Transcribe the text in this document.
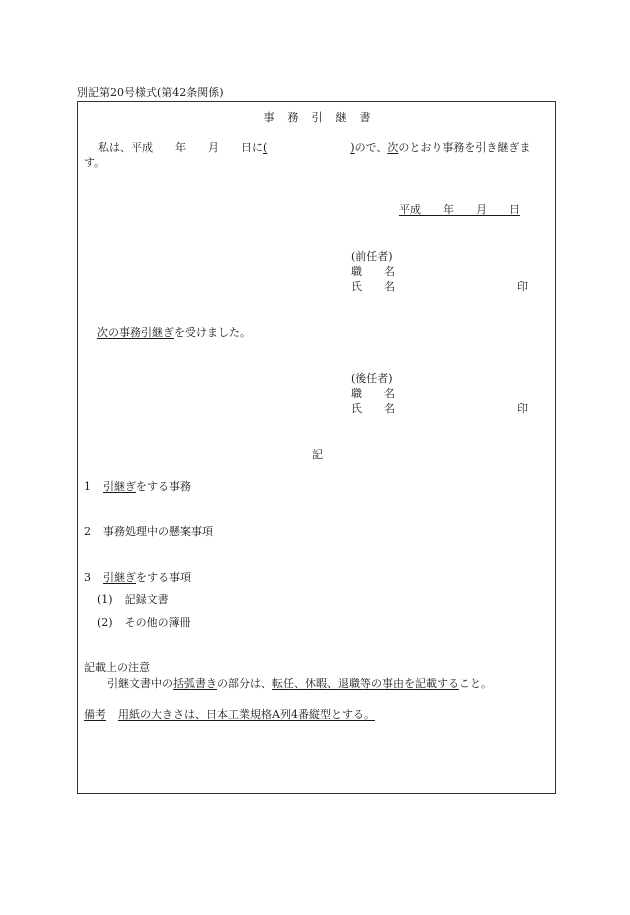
別記第20号様式(第42条関係)
事　務　引　継　書
私は、平成　　年　　月　　日に(	)ので、次のとおり事務を引き継ぎま
す。
平成　　年　　月　　日
(前任者)
職　　名
氏　　名	印
次の事務引継ぎを受けました。
(後任者)
職　　名
氏　　名	印
記
1 引継ぎをする事務
2 事務処理中の懸案事項
3 引継ぎをする事項
(1) 記録文書
(2) その他の簿冊
記載上の注意
引継文書中の括弧書きの部分は、転任、休暇、退職等の事由を記載すること。
備考 用紙の大きさは、日本工業規格A列4番縦型とする。
